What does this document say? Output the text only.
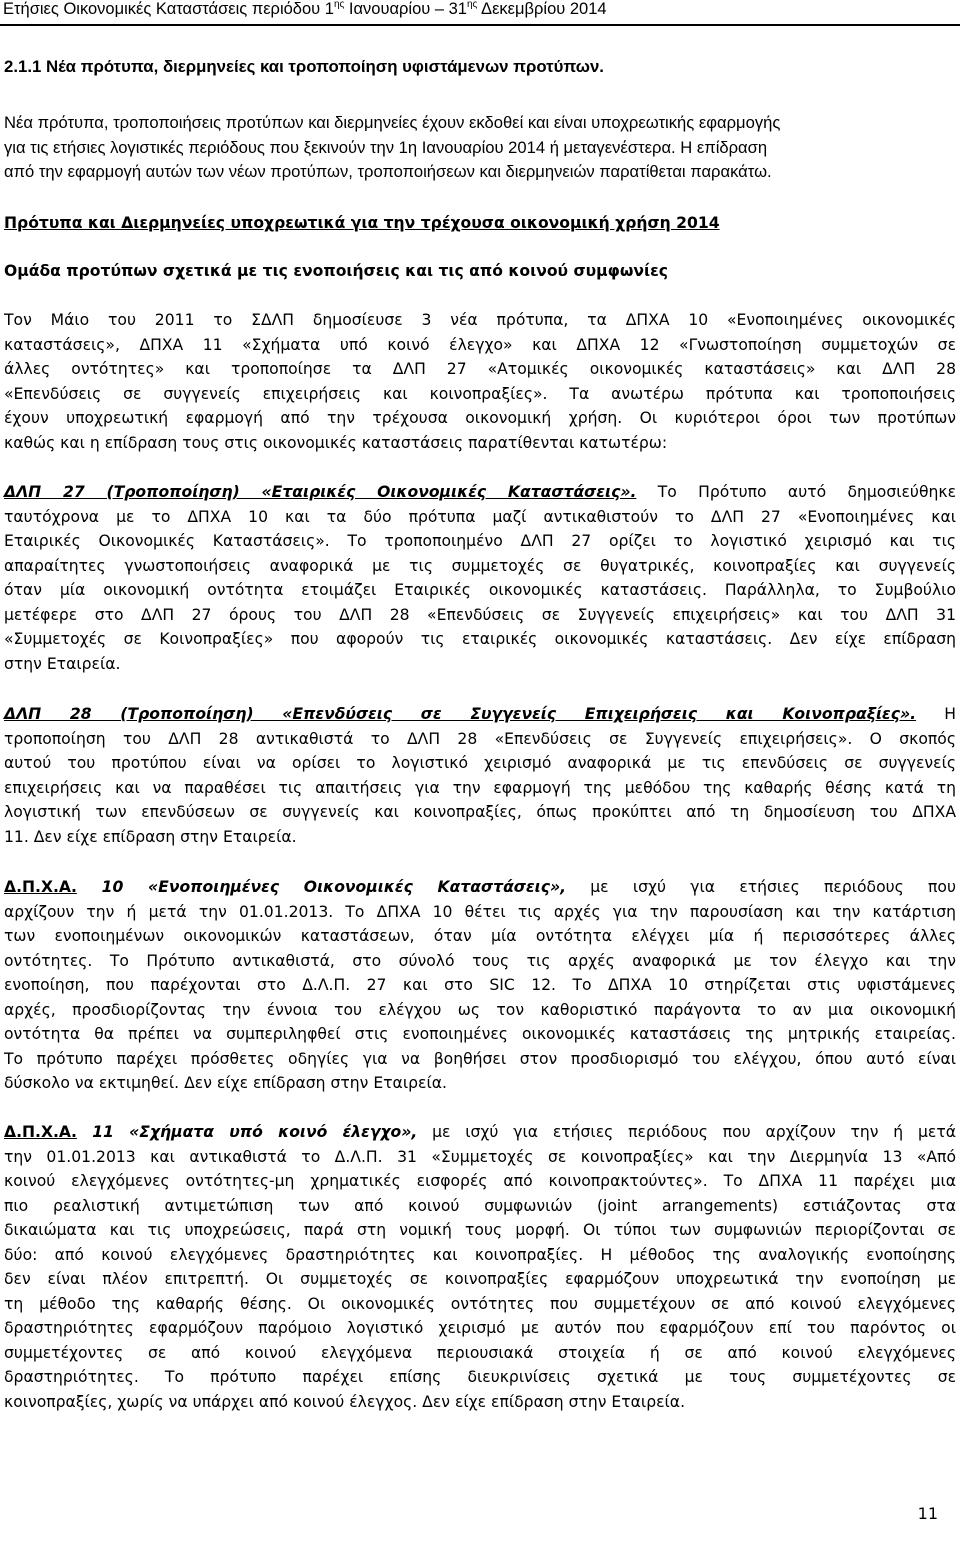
Ετήσιες Οικονομικές Καταστάσεις περιόδου $1^{\eta\varsigma}$ Ιανουαρίου – $31^{\eta\varsigma}$ Δεκεμβρίου 2014
2.1.1 Νέα πρότυπα, διερμηνείες και τροποποίηση υφιστάμενων προτύπων.
Νέα πρότυπα, τροποποιήσεις προτύπων και διερμηνείες έχουν εκδοθεί και είναι υποχρεωτικής εφαρμογής
για τις ετήσιες λογιστικές περιόδους που ξεκινούν την 1η Ιανουαρίου 2014 ή μεταγενέστερα. Η επίδραση
από την εφαρμογή αυτών των νέων προτύπων, τροποποιήσεων και διερμηνειών παρατίθεται παρακάτω.
Πρότυπα και Διερμηνείες υποχρεωτικά για την τρέχουσα οικονομική χρήση 2014
Ομάδα προτύπων σχετικά με τις ενοποιήσεις και τις από κοινού συμφωνίες
Τον Μάιο του 2011 το ΣΔΛΠ δημοσίευσε 3 νέα πρότυπα, τα ΔΠΧΑ 10 «Ενοποιημένες οικονομικές
καταστάσεις», ΔΠΧΑ 11 «Σχήματα υπό κοινό έλεγχο» και ΔΠΧΑ 12 «Γνωστοποίηση συμμετοχών σε
άλλες οντότητες» και τροποποίησε τα ΔΛΠ 27 «Ατομικές οικονομικές καταστάσεις» και ΔΛΠ 28
«Επενδύσεις σε συγγενείς επιχειρήσεις και κοινοπραξίες». Τα ανωτέρω πρότυπα και τροποποιήσεις
έχουν υποχρεωτική εφαρμογή από την τρέχουσα οικονομική χρήση. Οι κυριότεροι όροι των προτύπων
καθώς και η επίδραση τους στις οικονομικές καταστάσεις παρατίθενται κατωτέρω:
ΔΛΠ 27 (Τροποποίηση) «Εταιρικές Οικονομικές Καταστάσεις». Το Πρότυπο αυτό δημοσιεύθηκε
ταυτόχρονα με το ΔΠΧΑ 10 και τα δύο πρότυπα μαζί αντικαθιστούν το ΔΛΠ 27 «Ενοποιημένες και
Εταιρικές Οικονομικές Καταστάσεις». Το τροποποιημένο ΔΛΠ 27 ορίζει το λογιστικό χειρισμό και τις
απαραίτητες γνωστοποιήσεις αναφορικά με τις συμμετοχές σε θυγατρικές, κοινοπραξίες και συγγενείς
όταν μία οικονομική οντότητα ετοιμάζει Εταιρικές οικονομικές καταστάσεις. Παράλληλα, το Συμβούλιο
μετέφερε στο ΔΛΠ 27 όρους του ΔΛΠ 28 «Επενδύσεις σε Συγγενείς επιχειρήσεις» και του ΔΛΠ 31
«Συμμετοχές σε Κοινοπραξίες» που αφορούν τις εταιρικές οικονομικές καταστάσεις. Δεν είχε επίδραση
στην Εταιρεία.
ΔΛΠ 28 (Τροποποίηση) «Επενδύσεις σε Συγγενείς Επιχειρήσεις και Κοινοπραξίες». Η
τροποποίηση του ΔΛΠ 28 αντικαθιστά το ΔΛΠ 28 «Επενδύσεις σε Συγγενείς επιχειρήσεις». Ο σκοπός
αυτού του προτύπου είναι να ορίσει το λογιστικό χειρισμό αναφορικά με τις επενδύσεις σε συγγενείς
επιχειρήσεις και να παραθέσει τις απαιτήσεις για την εφαρμογή της μεθόδου της καθαρής θέσης κατά τη
λογιστική των επενδύσεων σε συγγενείς και κοινοπραξίες, όπως προκύπτει από τη δημοσίευση του ΔΠΧΑ
11. Δεν είχε επίδραση στην Εταιρεία.
Δ.Π.Χ.Α. 10 «Ενοποιημένες Οικονομικές Καταστάσεις», με ισχύ για ετήσιες περιόδους που
αρχίζουν την ή μετά την 01.01.2013. Το ΔΠΧΑ 10 θέτει τις αρχές για την παρουσίαση και την κατάρτιση
των ενοποιημένων οικονομικών καταστάσεων, όταν μία οντότητα ελέγχει μία ή περισσότερες άλλες
οντότητες. Το Πρότυπο αντικαθιστά, στο σύνολό τους τις αρχές αναφορικά με τον έλεγχο και την
ενοποίηση, που παρέχονται στο Δ.Λ.Π. 27 και στο SIC 12. Το ΔΠΧΑ 10 στηρίζεται στις υφιστάμενες
αρχές, προσδιορίζοντας την έννοια του ελέγχου ως τον καθοριστικό παράγοντα το αν μια οικονομική
οντότητα θα πρέπει να συμπεριληφθεί στις ενοποιημένες οικονομικές καταστάσεις της μητρικής εταιρείας.
Το πρότυπο παρέχει πρόσθετες οδηγίες για να βοηθήσει στον προσδιορισμό του ελέγχου, όπου αυτό είναι
δύσκολο να εκτιμηθεί. Δεν είχε επίδραση στην Εταιρεία.
Δ.Π.Χ.Α. 11 «Σχήματα υπό κοινό έλεγχο», με ισχύ για ετήσιες περιόδους που αρχίζουν την ή μετά
την 01.01.2013 και αντικαθιστά το Δ.Λ.Π. 31 «Συμμετοχές σε κοινοπραξίες» και την Διερμηνία 13 «Από
κοινού ελεγχόμενες οντότητες-μη χρηματικές εισφορές από κοινοπρακτούντες». Το ΔΠΧΑ 11 παρέχει μια
πιο ρεαλιστική αντιμετώπιση των από κοινού συμφωνιών (joint arrangements) εστιάζοντας στα
δικαιώματα και τις υποχρεώσεις, παρά στη νομική τους μορφή. Οι τύποι των συμφωνιών περιορίζονται σε
δύο: από κοινού ελεγχόμενες δραστηριότητες και κοινοπραξίες. Η μέθοδος της αναλογικής ενοποίησης
δεν είναι πλέον επιτρεπτή. Οι συμμετοχές σε κοινοπραξίες εφαρμόζουν υποχρεωτικά την ενοποίηση με
τη μέθοδο της καθαρής θέσης. Οι οικονομικές οντότητες που συμμετέχουν σε από κοινού ελεγχόμενες
δραστηριότητες εφαρμόζουν παρόμοιο λογιστικό χειρισμό με αυτόν που εφαρμόζουν επί του παρόντος οι
συμμετέχοντες σε από κοινού ελεγχόμενα περιουσιακά στοιχεία ή σε από κοινού ελεγχόμενες
δραστηριότητες. Το πρότυπο παρέχει επίσης διευκρινίσεις σχετικά με τους συμμετέχοντες σε
κοινοπραξίες, χωρίς να υπάρχει από κοινού έλεγχος. Δεν είχε επίδραση στην Εταιρεία.
11
